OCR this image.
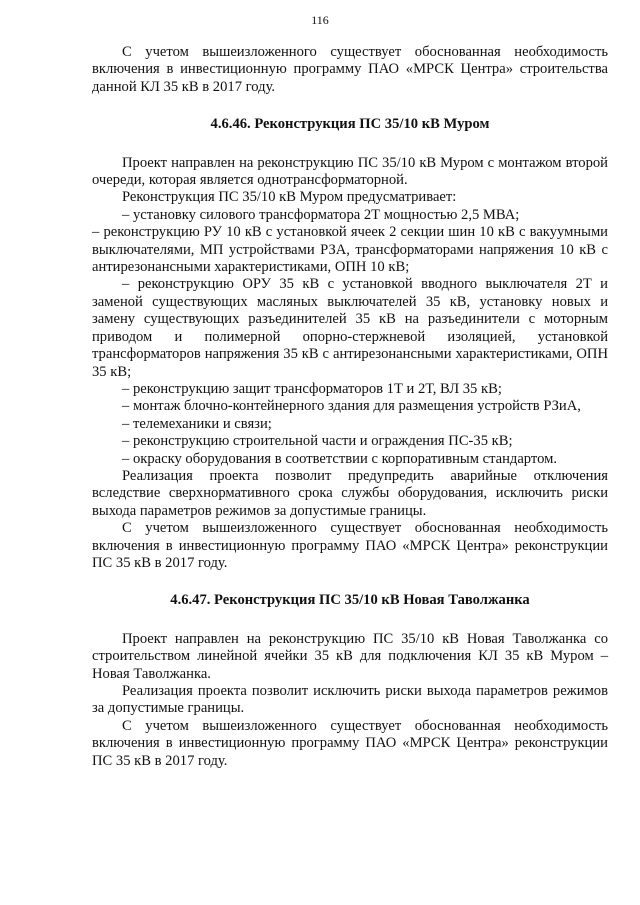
116

С учетом вышеизложенного существует обоснованная необходимость включения в инвестиционную программу ПАО «МРСК Центра» строительства данной КЛ 35 кВ в 2017 году.

4.6.46. Реконструкция ПС 35/10 кВ Муром

Проект направлен на реконструкцию ПС 35/10 кВ Муром с монтажом второй очереди, которая является однотрансформаторной.

Реконструкция ПС 35/10 кВ Муром предусматривает:

– установку силового трансформатора 2Т мощностью 2,5 МВА;

– реконструкцию РУ 10 кВ с установкой ячеек 2 секции шин 10 кВ с вакуумными выключателями, МП устройствами РЗА, трансформаторами напряжения 10 кВ с антирезонансными характеристиками, ОПН 10 кВ;

– реконструкцию ОРУ 35 кВ с установкой вводного выключателя 2Т и заменой существующих масляных выключателей 35 кВ, установку новых и замену существующих разъединителей 35 кВ на разъединители с моторным приводом и полимерной опорно-стержневой изоляцией, установкой трансформаторов напряжения 35 кВ с антирезонансными характеристиками, ОПН 35 кВ;

– реконструкцию защит трансформаторов 1Т и 2Т, ВЛ 35 кВ;

– монтаж блочно-контейнерного здания для размещения устройств РЗиА,

– телемеханики и связи;

– реконструкцию строительной части и ограждения ПС-35 кВ;

– окраску оборудования в соответствии с корпоративным стандартом.

Реализация проекта позволит предупредить аварийные отключения вследствие сверхнормативного срока службы оборудования, исключить риски выхода параметров режимов за допустимые границы.

С учетом вышеизложенного существует обоснованная необходимость включения в инвестиционную программу ПАО «МРСК Центра» реконструкции ПС 35 кВ в 2017 году.

4.6.47. Реконструкция ПС 35/10 кВ Новая Таволжанка

Проект направлен на реконструкцию ПС 35/10 кВ Новая Таволжанка со строительством линейной ячейки 35 кВ для подключения КЛ 35 кВ Муром – Новая Таволжанка.

Реализация проекта позволит исключить риски выхода параметров режимов за допустимые границы.

С учетом вышеизложенного существует обоснованная необходимость включения в инвестиционную программу ПАО «МРСК Центра» реконструкции ПС 35 кВ в 2017 году.
